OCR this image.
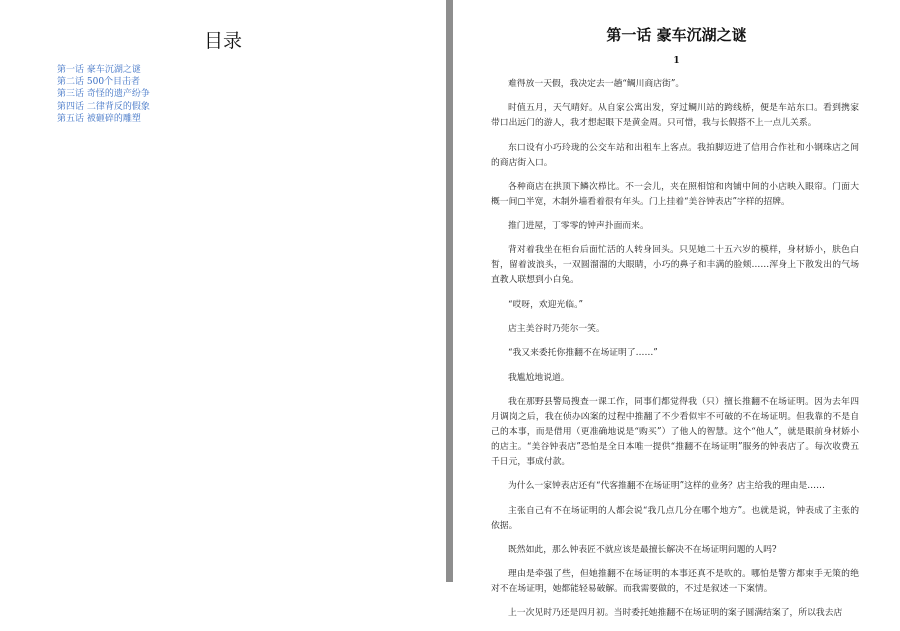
目录
第一话 豪车沉湖之谜
第二话 500个目击者
第三话 奇怪的遗产纷争
第四话 二律背反的假象
第五话 被砸碎的雕塑
第一话 豪车沉湖之谜
1

难得放一天假，我决定去一趟“鲷川商店街”。

时值五月，天气晴好。从自家公寓出发，穿过鲷川站的跨线桥，便是车站东口。看到携家带口出远门的游人，我才想起眼下是黄金周。只可惜，我与长假搭不上一点儿关系。

东口设有小巧玲珑的公交车站和出租车上客点。我拍脚迈进了信用合作社和小钢珠店之间的商店街入口。

各种商店在拱顶下鳞次栉比。不一会儿，夹在照相馆和肉铺中间的小店映入眼帘。门面大概一间□半宽，木制外墙看着很有年头。门上挂着“美谷钟表店”字样的招牌。

推门进屋，丁零零的钟声扑面而来。

背对着我坐在柜台后面忙活的人转身回头。只见她二十五六岁的模样，身材娇小，肤色白皙，留着波浪头，一双圆溜溜的大眼睛，小巧的鼻子和丰满的脸颊……浑身上下散发出的气场直教人联想到小白兔。

“哎呀，欢迎光临。”

店主美谷时乃莞尔一笑。

“我又来委托你推翻不在场证明了……”

我尴尬地说道。

我在那野县警局搜查一课工作，同事们都觉得我（只）擅长推翻不在场证明。因为去年四月调岗之后，我在侦办凶案的过程中推翻了不少看似牢不可破的不在场证明。但我靠的不是自己的本事，而是借用（更准确地说是“购买”）了他人的智慧。这个“他人”，就是眼前身材娇小的店主。“美谷钟表店”恐怕是全日本唯一提供“推翻不在场证明”服务的钟表店了。每次收费五千日元，事成付款。

为什么一家钟表店还有“代客推翻不在场证明”这样的业务？店主给我的理由是……

主张自己有不在场证明的人都会说“我几点几分在哪个地方”。也就是说，钟表成了主张的依据。

既然如此，那么钟表匠不就应该是最擅长解决不在场证明问题的人吗?

理由是牵强了些，但她推翻不在场证明的本事还真不是吹的。哪怕是警方都束手无策的绝对不在场证明，她都能轻易破解。而我需要做的，不过是叙述一下案情。

上一次见时乃还是四月初。当时委托她推翻不在场证明的案子圆满结案了，所以我去店
